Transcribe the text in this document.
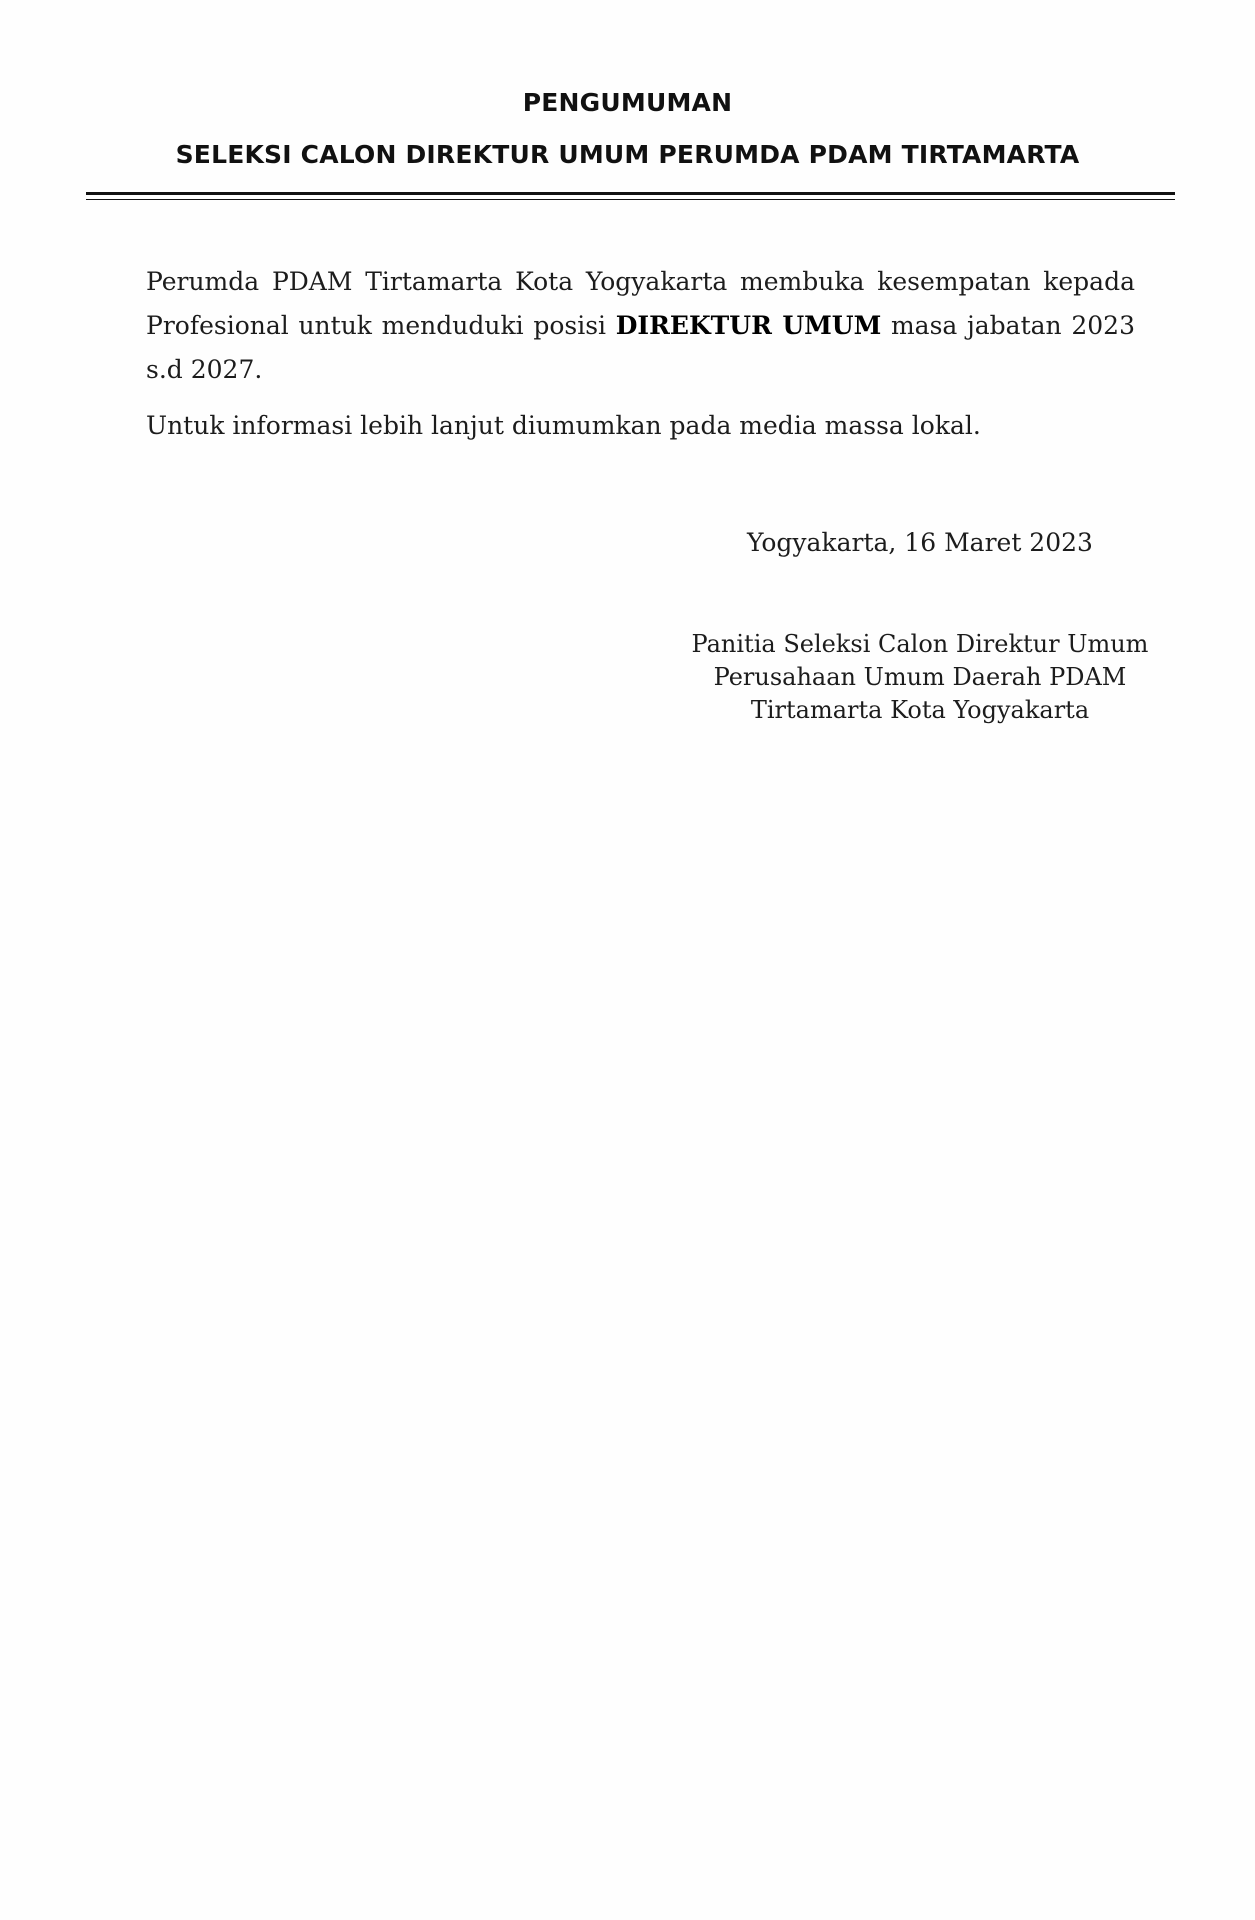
PENGUMUMAN
SELEKSI CALON DIREKTUR UMUM PERUMDA PDAM TIRTAMARTA
Perumda PDAM Tirtamarta Kota Yogyakarta membuka kesempatan kepada Profesional untuk menduduki posisi DIREKTUR UMUM masa jabatan 2023 s.d 2027.
Untuk informasi lebih lanjut diumumkan pada media massa lokal.
Yogyakarta, 16 Maret 2023
Panitia Seleksi Calon Direktur Umum
Perusahaan Umum Daerah PDAM
Tirtamarta Kota Yogyakarta
